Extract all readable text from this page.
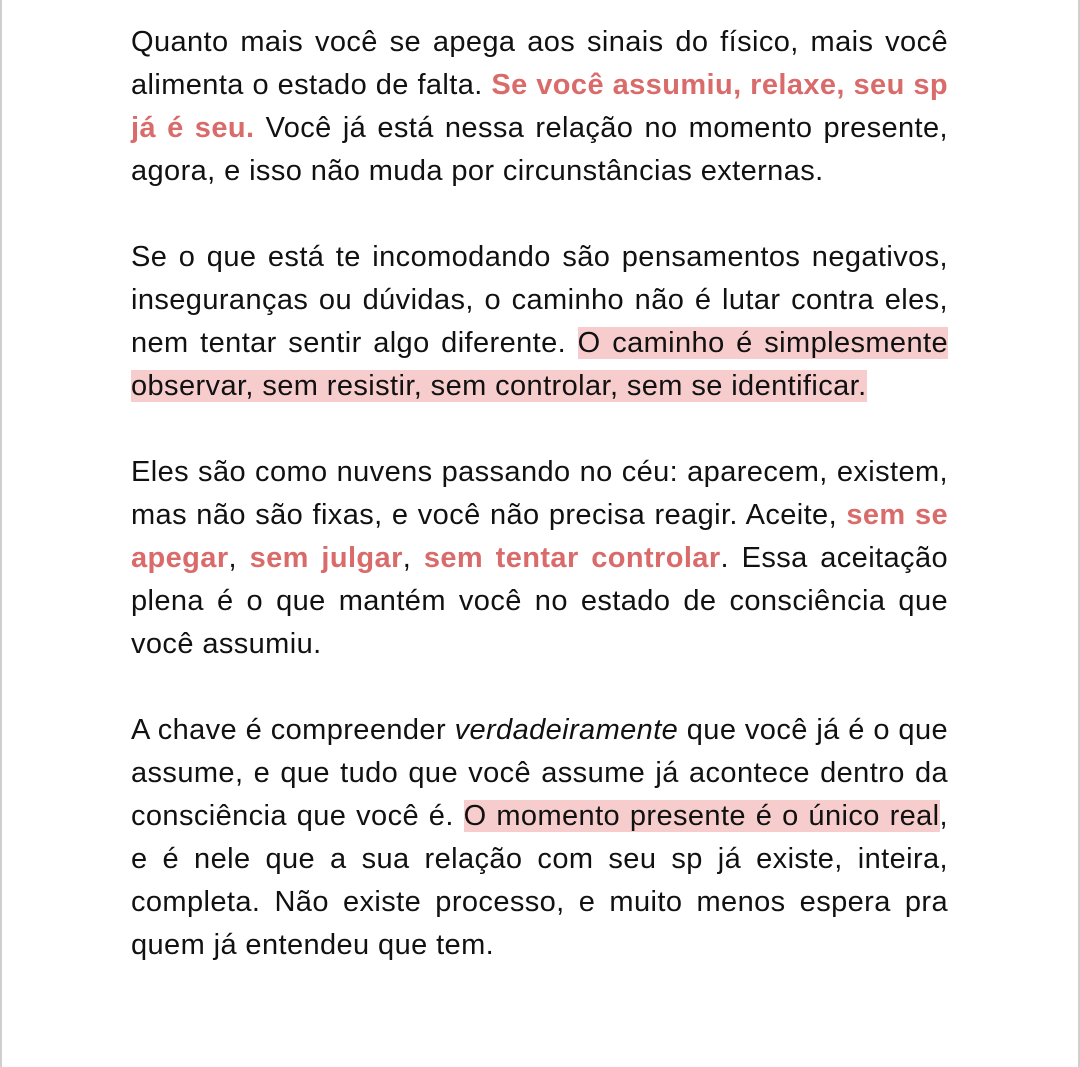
Quanto mais você se apega aos sinais do físico, mais você alimenta o estado de falta. Se você assumiu, relaxe, seu sp já é seu. Você já está nessa relação no momento presente, agora, e isso não muda por circunstâncias externas.

Se o que está te incomodando são pensamentos negativos, inseguranças ou dúvidas, o caminho não é lutar contra eles, nem tentar sentir algo diferente. O caminho é simplesmente observar, sem resistir, sem controlar, sem se identificar.

Eles são como nuvens passando no céu: aparecem, existem, mas não são fixas, e você não precisa reagir. Aceite, sem se apegar, sem julgar, sem tentar controlar. Essa aceitação plena é o que mantém você no estado de consciência que você assumiu.

A chave é compreender verdadeiramente que você já é o que assume, e que tudo que você assume já acontece dentro da consciência que você é. O momento presente é o único real, e é nele que a sua relação com seu sp já existe, inteira, completa. Não existe processo, e muito menos espera pra quem já entendeu que tem.
